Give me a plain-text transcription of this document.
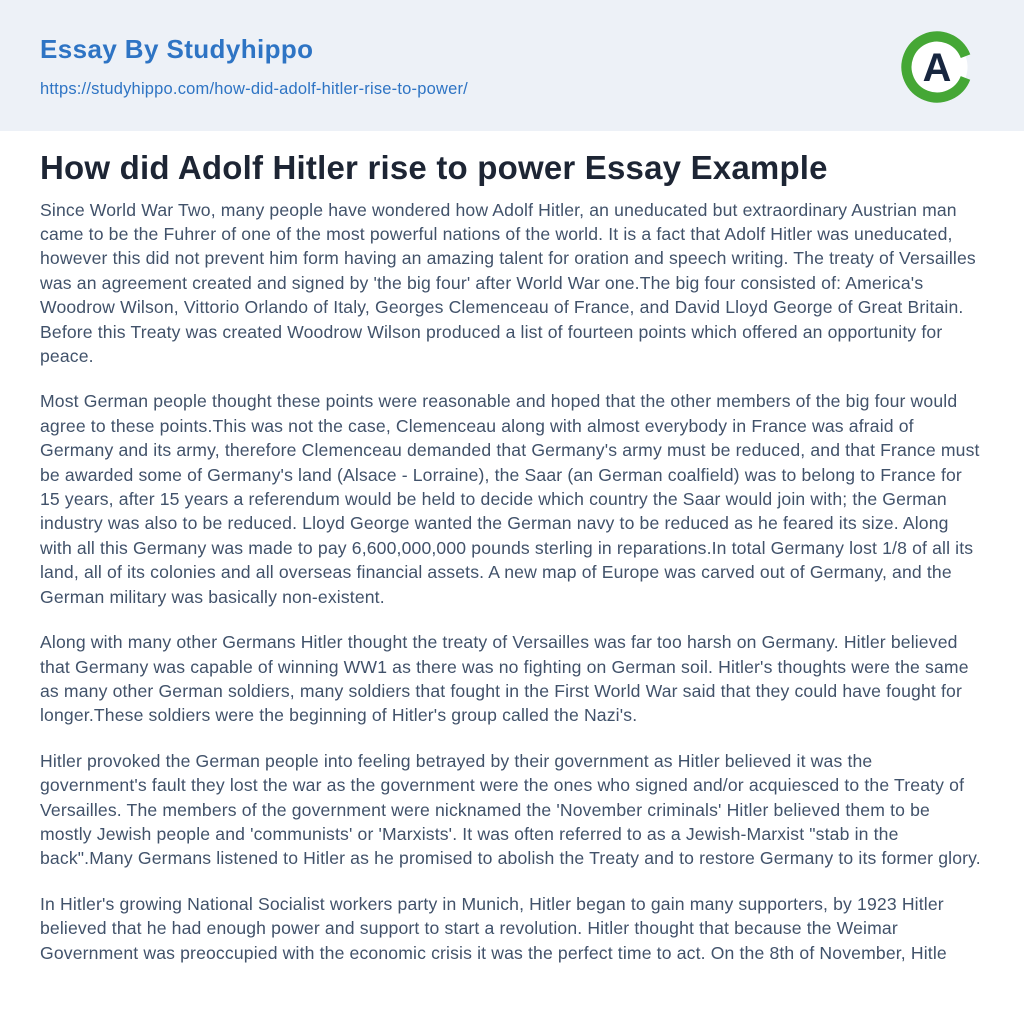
Essay By Studyhippo
https://studyhippo.com/how-did-adolf-hitler-rise-to-power/	A
How did Adolf Hitler rise to power Essay Example

Since World War Two, many people have wondered how Adolf Hitler, an uneducated but extraordinary Austrian man came to be the Fuhrer of one of the most powerful nations of the world. It is a fact that Adolf Hitler was uneducated, however this did not prevent him form having an amazing talent for oration and speech writing. The treaty of Versailles was an agreement created and signed by 'the big four' after World War one.The big four consisted of: America's Woodrow Wilson, Vittorio Orlando of Italy, Georges Clemenceau of France, and David Lloyd George of Great Britain. Before this Treaty was created Woodrow Wilson produced a list of fourteen points which offered an opportunity for peace.

Most German people thought these points were reasonable and hoped that the other members of the big four would agree to these points.This was not the case, Clemenceau along with almost everybody in France was afraid of Germany and its army, therefore Clemenceau demanded that Germany's army must be reduced, and that France must be awarded some of Germany's land (Alsace - Lorraine), the Saar (an German coalfield) was to belong to France for 15 years, after 15 years a referendum would be held to decide which country the Saar would join with; the German industry was also to be reduced. Lloyd George wanted the German navy to be reduced as he feared its size. Along with all this Germany was made to pay 6,600,000,000 pounds sterling in reparations.In total Germany lost 1/8 of all its land, all of its colonies and all overseas financial assets. A new map of Europe was carved out of Germany, and the German military was basically non-existent.

Along with many other Germans Hitler thought the treaty of Versailles was far too harsh on Germany. Hitler believed that Germany was capable of winning WW1 as there was no fighting on German soil. Hitler's thoughts were the same as many other German soldiers, many soldiers that fought in the First World War said that they could have fought for longer.These soldiers were the beginning of Hitler's group called the Nazi's.

Hitler provoked the German people into feeling betrayed by their government as Hitler believed it was the government's fault they lost the war as the government were the ones who signed and/or acquiesced to the Treaty of Versailles. The members of the government were nicknamed the 'November criminals' Hitler believed them to be mostly Jewish people and 'communists' or 'Marxists'. It was often referred to as a Jewish-Marxist "stab in the back".Many Germans listened to Hitler as he promised to abolish the Treaty and to restore Germany to its former glory.

In Hitler's growing National Socialist workers party in Munich, Hitler began to gain many supporters, by 1923 Hitler believed that he had enough power and support to start a revolution. Hitler thought that because the Weimar Government was preoccupied with the economic crisis it was the perfect time to act. On the 8th of November, Hitle
